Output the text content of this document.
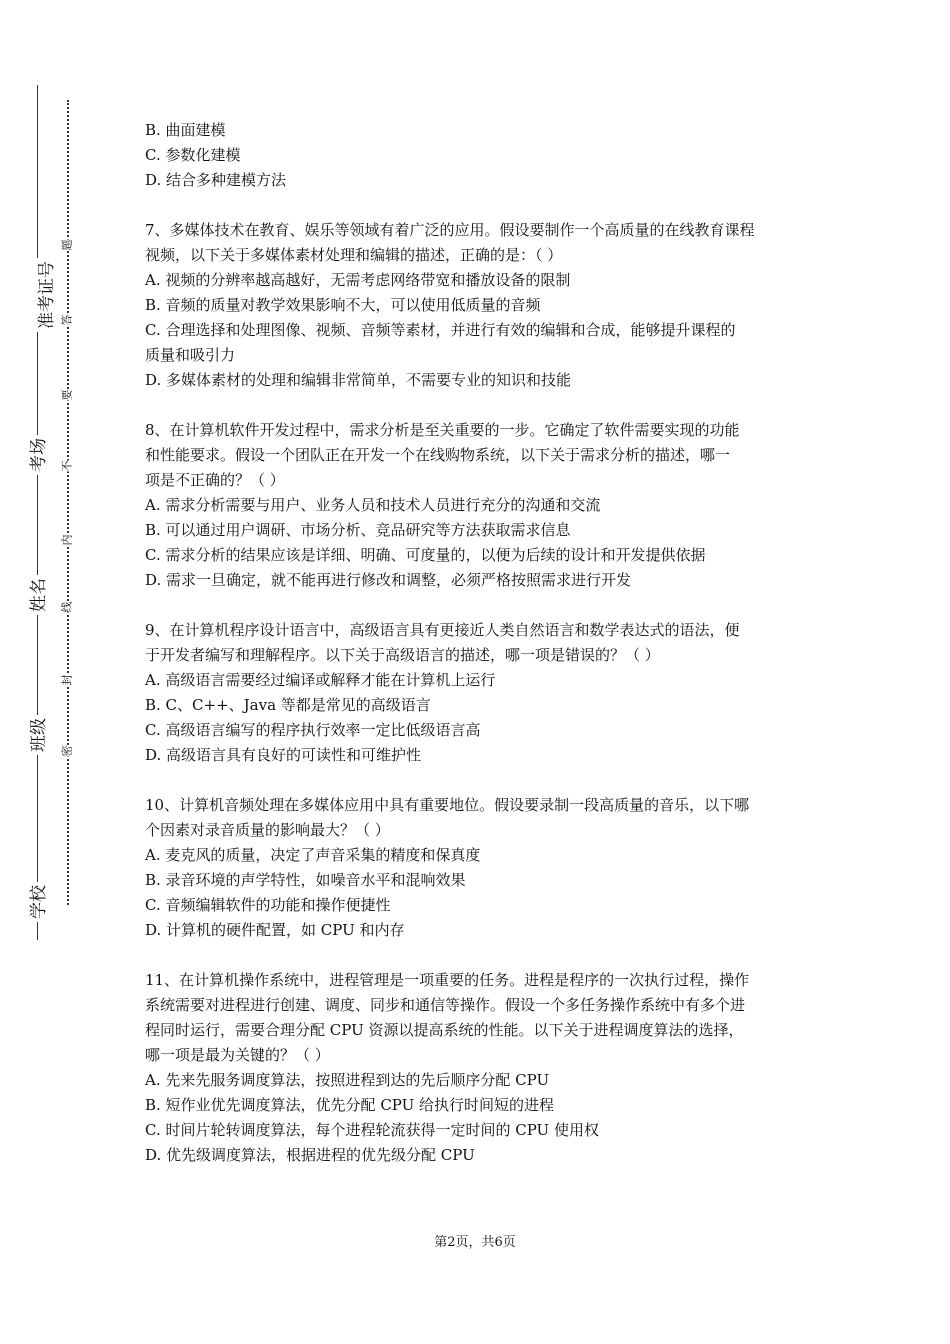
准考证号
考场
姓名
班级
学校
题
答
要
不
内
线
封
密
B. 曲面建模
C. 参数化建模
D. 结合多种建模方法
7、多媒体技术在教育、娱乐等领域有着广泛的应用。假设要制作一个高质量的在线教育课程
视频，以下关于多媒体素材处理和编辑的描述，正确的是：（ ）
A. 视频的分辨率越高越好，无需考虑网络带宽和播放设备的限制
B. 音频的质量对教学效果影响不大，可以使用低质量的音频
C. 合理选择和处理图像、视频、音频等素材，并进行有效的编辑和合成，能够提升课程的
质量和吸引力
D. 多媒体素材的处理和编辑非常简单，不需要专业的知识和技能
8、在计算机软件开发过程中，需求分析是至关重要的一步。它确定了软件需要实现的功能
和性能要求。假设一个团队正在开发一个在线购物系统，以下关于需求分析的描述，哪一
项是不正确的？（ ）
A. 需求分析需要与用户、业务人员和技术人员进行充分的沟通和交流
B. 可以通过用户调研、市场分析、竞品研究等方法获取需求信息
C. 需求分析的结果应该是详细、明确、可度量的，以便为后续的设计和开发提供依据
D. 需求一旦确定，就不能再进行修改和调整，必须严格按照需求进行开发
9、在计算机程序设计语言中，高级语言具有更接近人类自然语言和数学表达式的语法，便
于开发者编写和理解程序。以下关于高级语言的描述，哪一项是错误的？（ ）
A. 高级语言需要经过编译或解释才能在计算机上运行
B. C、C++、Java 等都是常见的高级语言
C. 高级语言编写的程序执行效率一定比低级语言高
D. 高级语言具有良好的可读性和可维护性
10、计算机音频处理在多媒体应用中具有重要地位。假设要录制一段高质量的音乐，以下哪
个因素对录音质量的影响最大？（ ）
A. 麦克风的质量，决定了声音采集的精度和保真度
B. 录音环境的声学特性，如噪音水平和混响效果
C. 音频编辑软件的功能和操作便捷性
D. 计算机的硬件配置，如 CPU 和内存
11、在计算机操作系统中，进程管理是一项重要的任务。进程是程序的一次执行过程，操作
系统需要对进程进行创建、调度、同步和通信等操作。假设一个多任务操作系统中有多个进
程同时运行，需要合理分配 CPU 资源以提高系统的性能。以下关于进程调度算法的选择，
哪一项是最为关键的？（ ）
A. 先来先服务调度算法，按照进程到达的先后顺序分配 CPU
B. 短作业优先调度算法，优先分配 CPU 给执行时间短的进程
C. 时间片轮转调度算法，每个进程轮流获得一定时间的 CPU 使用权
D. 优先级调度算法，根据进程的优先级分配 CPU
第2页，共6页
